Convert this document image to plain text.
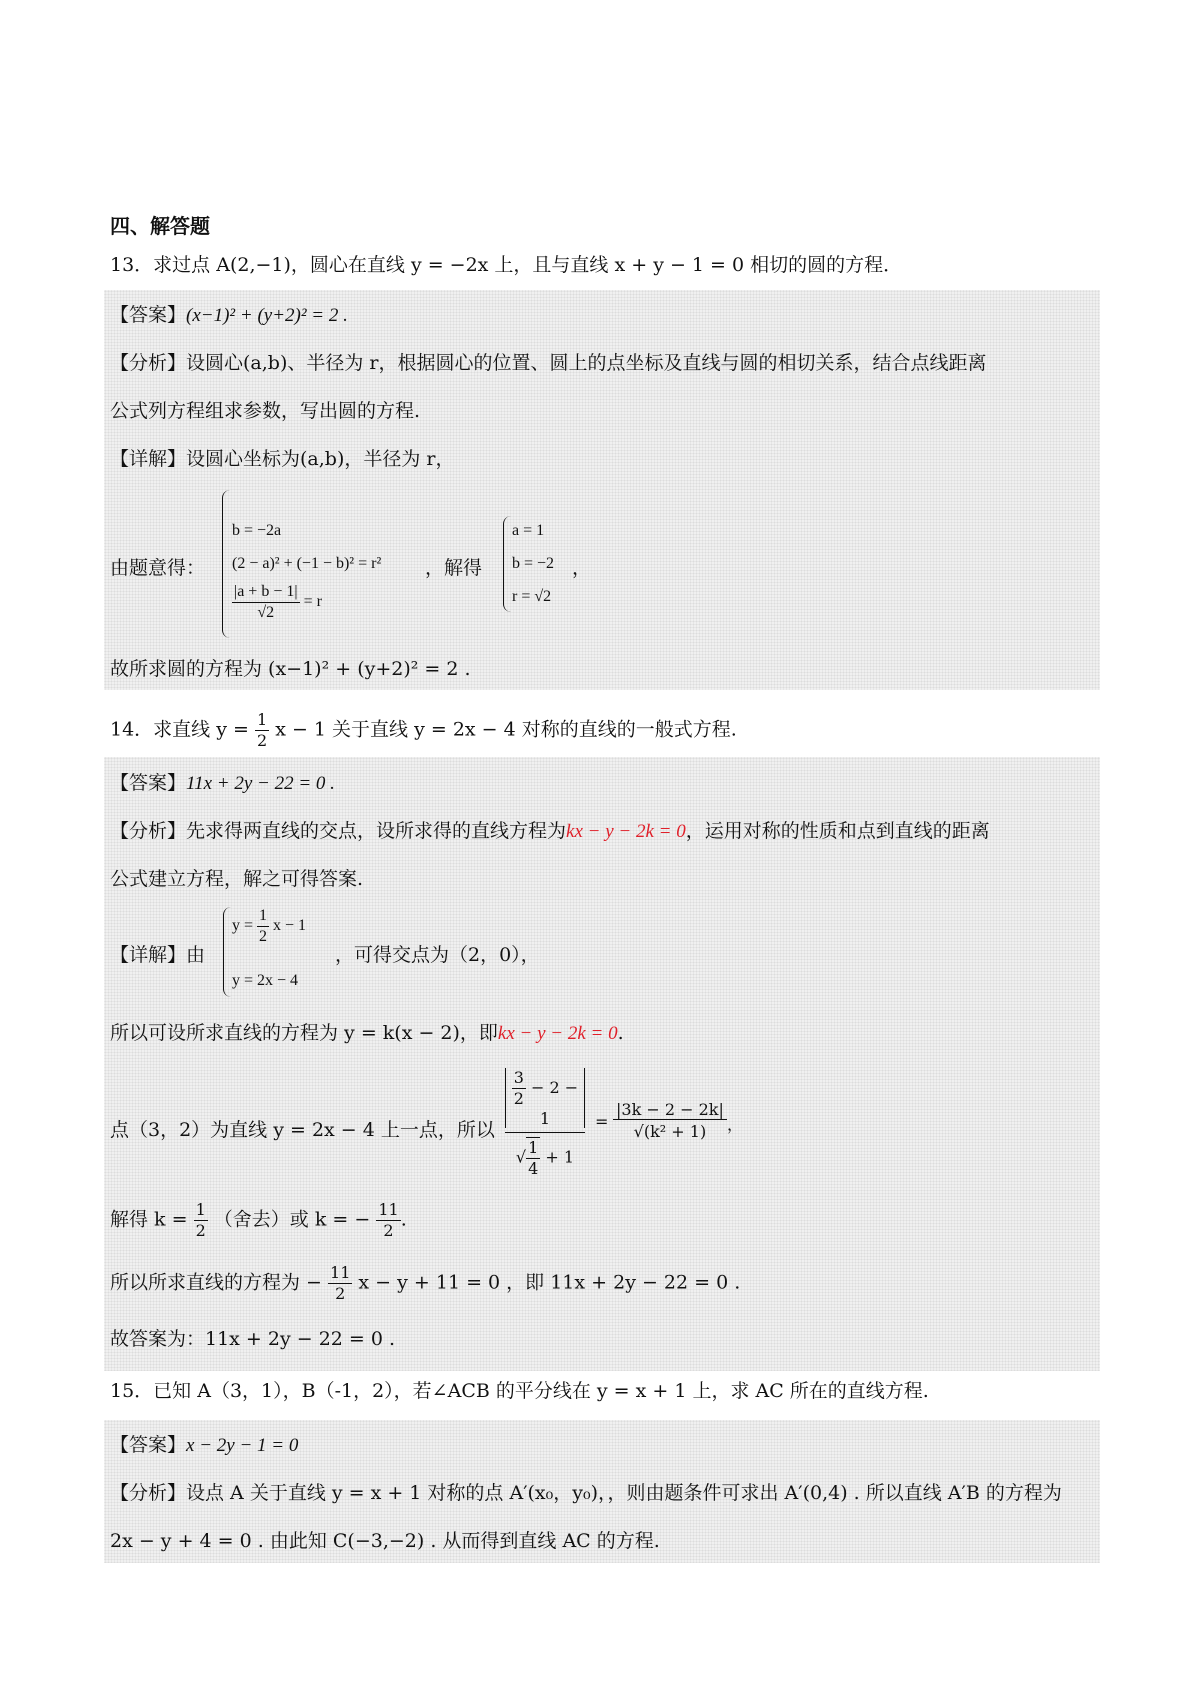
四、解答题
13．求过点 A(2,−1)，圆心在直线 y = −2x 上，且与直线 x + y − 1 = 0 相切的圆的方程．
【答案】(x−1)² + (y+2)² = 2 .
【分析】设圆心(a,b)、半径为 r，根据圆心的位置、圆上的点坐标及直线与圆的相切关系，结合点线距离
公式列方程组求参数，写出圆的方程.
【详解】设圆心坐标为(a,b)，半径为 r，
由题意得：
b = −2a
(2 − a)² + (−1 − b)² = r²
$\frac{|a + b - 1|}{√2} = r$
，解得
a = 1
b = −2
r = √2
，
故所求圆的方程为 (x−1)² + (y+2)² = 2 .
14．求直线 $y = \frac{1}{2}$ x − 1 关于直线 y = 2x − 4 对称的直线的一般式方程.
【答案】11x + 2y − 22 = 0 .
【分析】先求得两直线的交点，设所求得的直线方程为kx − y − 2k = 0，运用对称的性质和点到直线的距离
公式建立方程，解之可得答案.
【详解】由
$y = \frac{1}{2}$ x − 1
y = 2x − 4
，可得交点为（2，0），
所以可设所求直线的方程为 y = k(x − 2)，即kx − y − 2k = 0.
点（3，2）为直线 y = 2x − 4 上一点，所以
$\frac{3}{2} - 2 - 1$
√ $\frac{1}{4} + 1$
=
|3k − 2 − 2k|
√(k² + 1)	，
解得 $k = \frac{1}{2}$ （舍去）或 k = − $\frac{11}{2}$ .
所以所求直线的方程为 − $\frac{11}{2}$ x − y + 11 = 0 ，即 11x + 2y − 22 = 0 .
故答案为：11x + 2y − 22 = 0 .
15．已知 A（3，1），B（-1，2），若∠ACB 的平分线在 y = x + 1 上，求 AC 所在的直线方程.
【答案】x − 2y − 1 = 0
【分析】设点 A 关于直线 y = x + 1 对称的点 A′(x₀，y₀)，，则由题条件可求出 A′(0,4) . 所以直线 A′B 的方程为
2x − y + 4 = 0 . 由此知 C(−3,−2) . 从而得到直线 AC 的方程.
